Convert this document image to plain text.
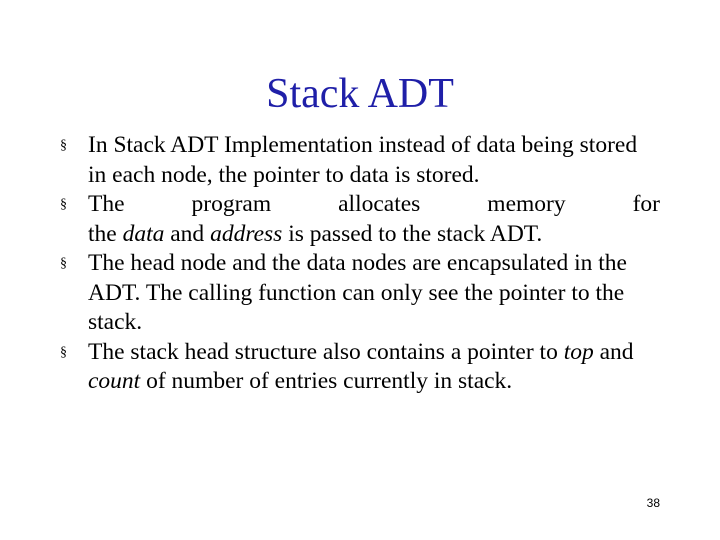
Stack ADT
§ In Stack ADT Implementation instead of data being stored in each node, the pointer to data is stored.
§ The program allocates memory for
the data and address is passed to the stack ADT.
§ The head node and the data nodes are encapsulated in the ADT. The calling function can only see the pointer to the stack.
§ The stack head structure also contains a pointer to top and count of number of entries currently in stack.
38
